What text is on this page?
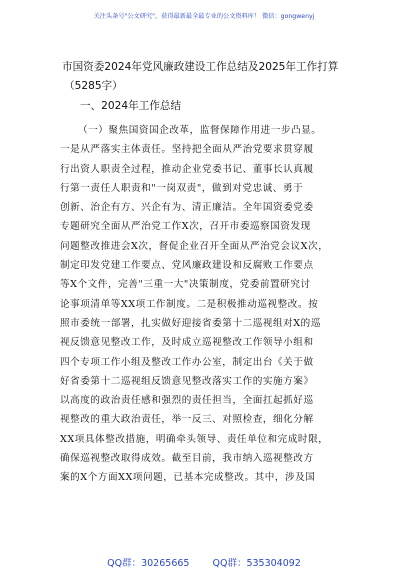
关注头条号"公文研究"，获得最新最全最专业的公文资料库！ 微信：gongwenyj
市国资委2024年党风廉政建设工作总结及2025年工作打算
（5285字）
一、2024年工作总结
（一）聚焦国资国企改革，监督保障作用进一步凸显。
一是从严落实主体责任。坚持把全面从严治党要求贯穿履
行出资人职责全过程，推动企业党委书记、董事长认真履
行第一责任人职责和"一岗双责"，做到对党忠诚、勇于
创新、治企有方、兴企有为、清正廉洁。全年国资委党委
专题研究全面从严治党工作X次，召开市委巡察国资发现
问题整改推进会X次，督促企业召开全面从严治党会议X次，
制定印发党建工作要点、党风廉政建设和反腐败工作要点
等X个文件，完善"三重一大"决策制度，党委前置研究讨
论事项清单等XX项工作制度。二是积极推动巡视整改。按
照市委统一部署，扎实做好迎接省委第十二巡视组对X的巡
视反馈意见整改工作，及时成立巡视整改工作领导小组和
四个专项工作小组及整改工作办公室，制定出台《关于做
好省委第十二巡视组反馈意见整改落实工作的实施方案》
以高度的政治责任感和强烈的责任担当，全面扛起抓好巡
视整改的重大政治责任，举一反三、对照检查，细化分解
XX项具体整改措施，明确牵头领导、责任单位和完成时限，
确保巡视整改取得成效。截至目前，我市纳入巡视整改方
案的X个方面XX项问题，已基本完成整改。其中，涉及国
QQ群：30265665 QQ群：535304092
